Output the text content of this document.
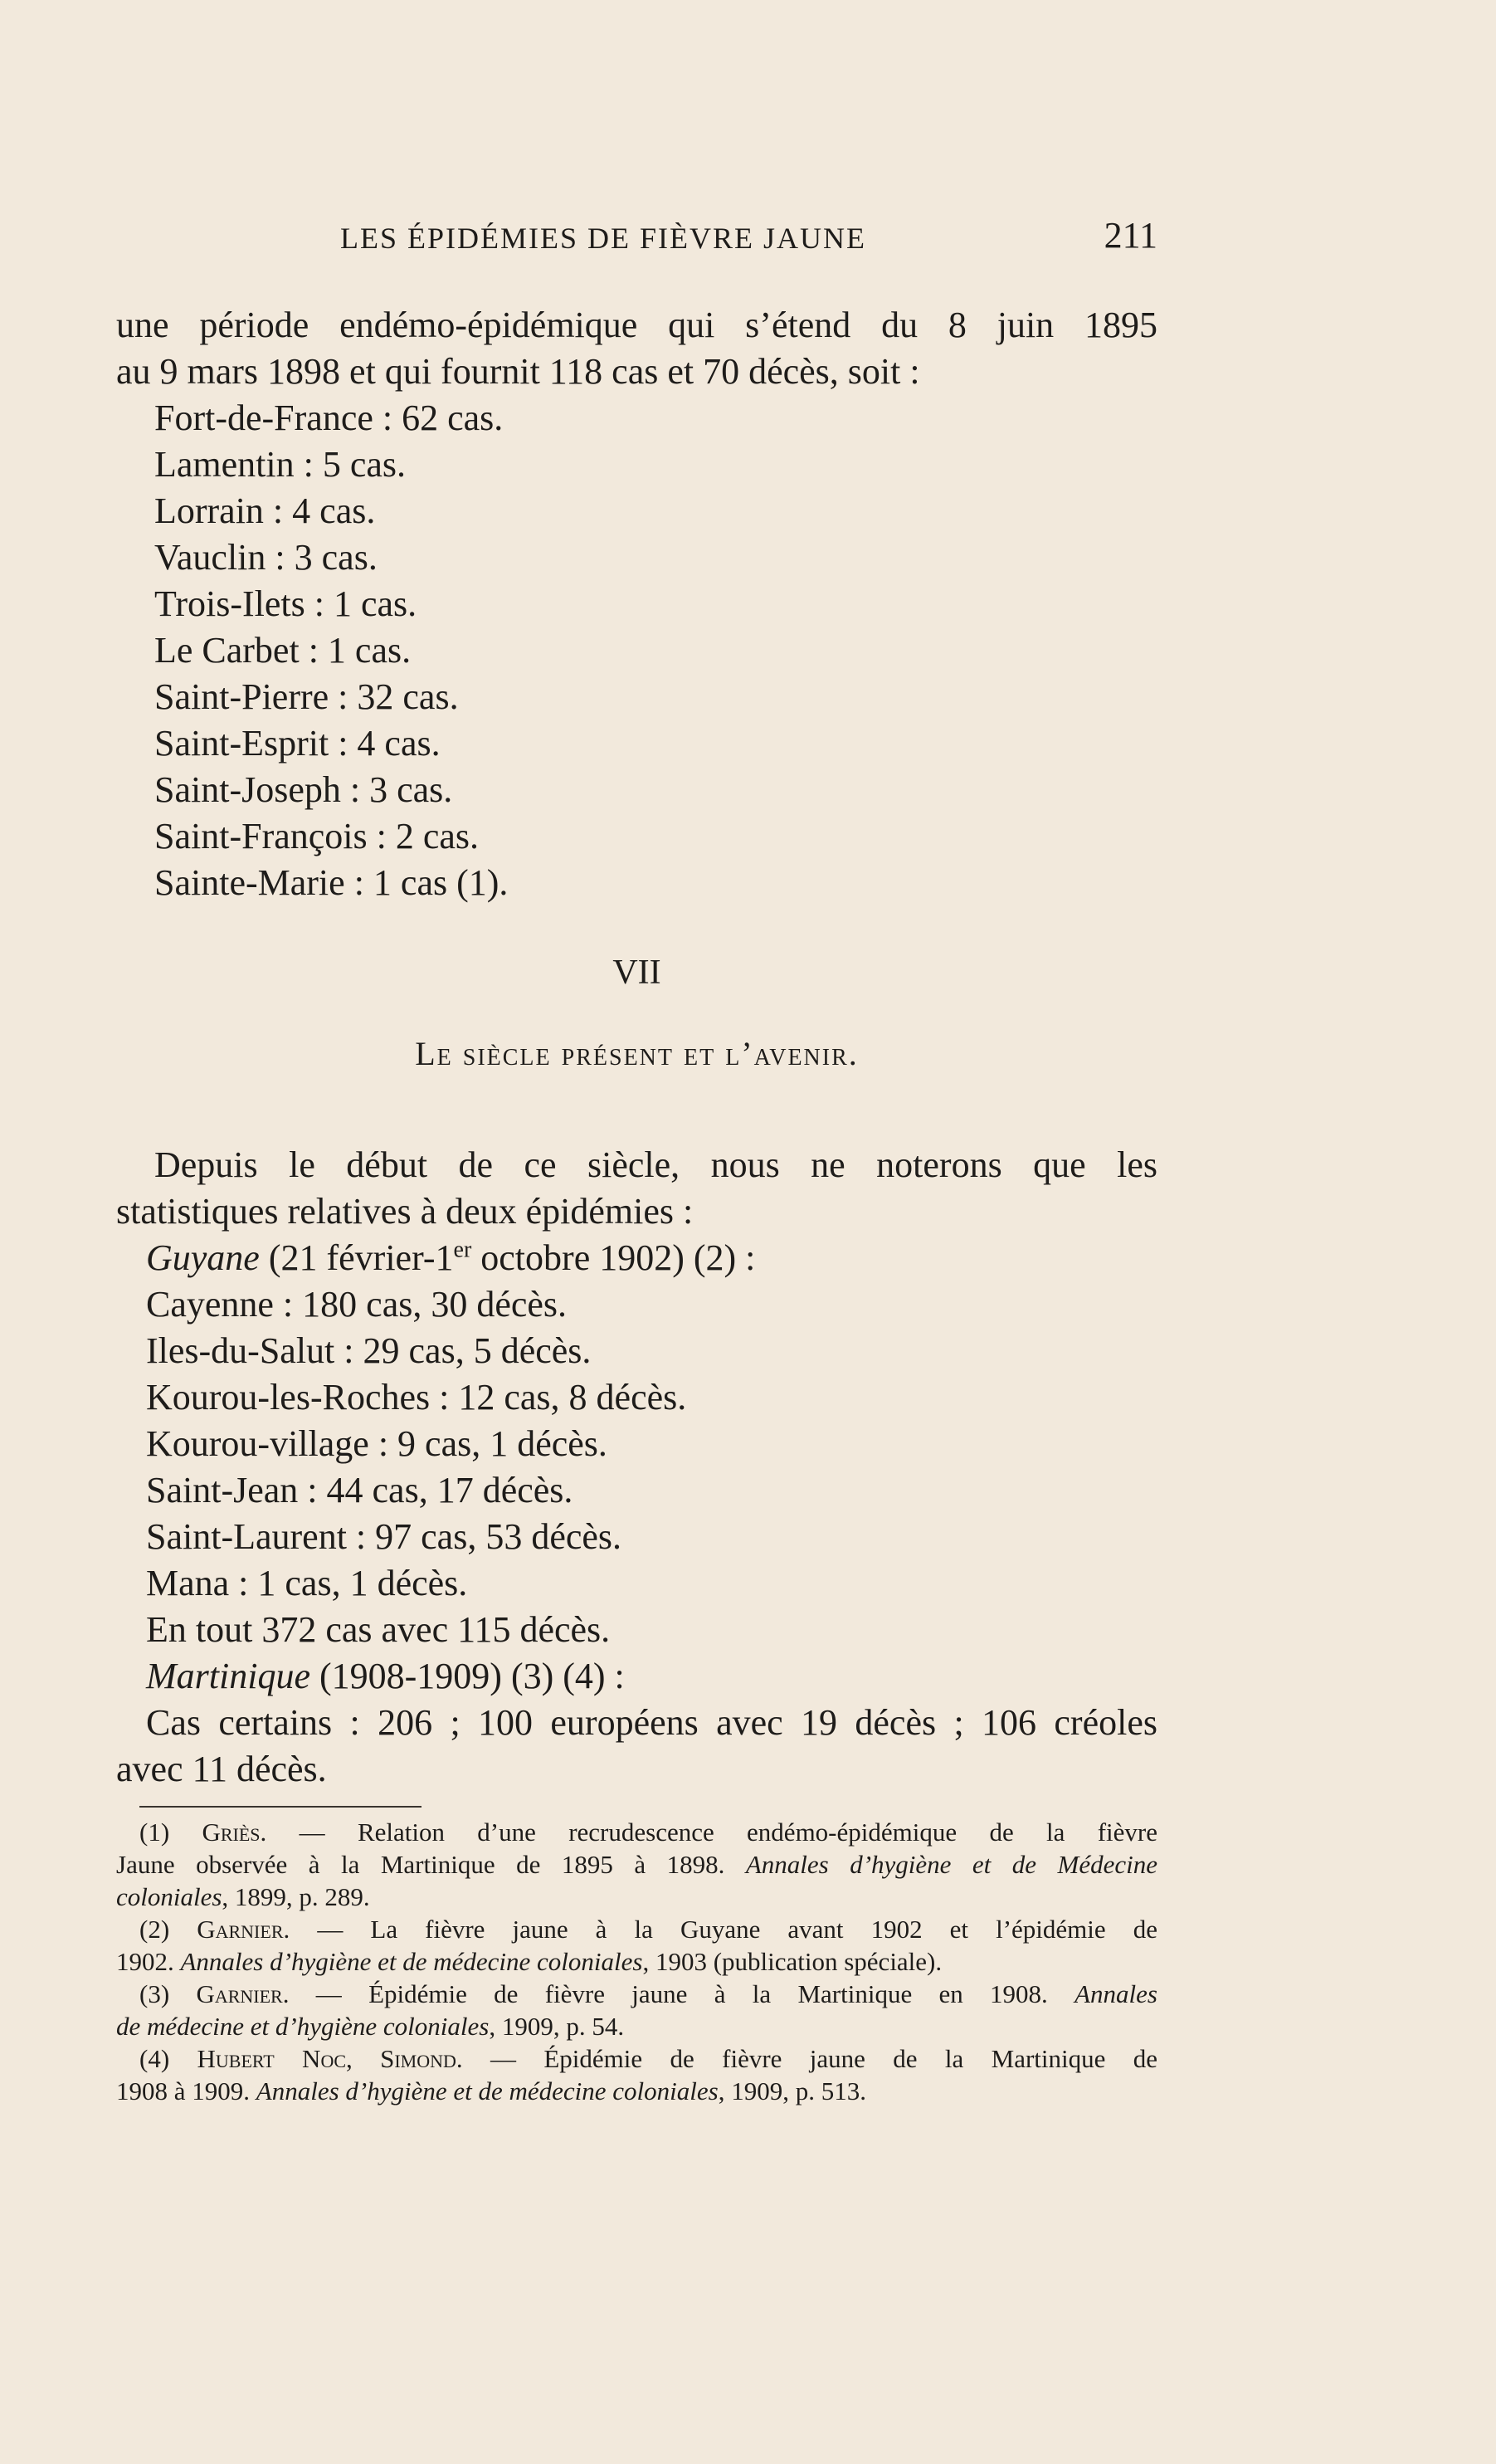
LES ÉPIDÉMIES DE FIÈVRE JAUNE	211
une période endémo-épidémique qui s’étend du 8 juin 1895
au 9 mars 1898 et qui fournit 118 cas et 70 décès, soit :
Fort-de-France : 62 cas.
Lamentin : 5 cas.
Lorrain : 4 cas.
Vauclin : 3 cas.
Trois-Ilets : 1 cas.
Le Carbet : 1 cas.
Saint-Pierre : 32 cas.
Saint-Esprit : 4 cas.
Saint-Joseph : 3 cas.
Saint-François : 2 cas.
Sainte-Marie : 1 cas (1).
VII
Le siècle présent et l’avenir.
Depuis le début de ce siècle, nous ne noterons que les
statistiques relatives à deux épidémies :
Guyane (21 février-1er octobre 1902) (2) :
Cayenne : 180 cas, 30 décès.
Iles-du-Salut : 29 cas, 5 décès.
Kourou-les-Roches : 12 cas, 8 décès.
Kourou-village : 9 cas, 1 décès.
Saint-Jean : 44 cas, 17 décès.
Saint-Laurent : 97 cas, 53 décès.
Mana : 1 cas, 1 décès.
En tout 372 cas avec 115 décès.
Martinique (1908-1909) (3) (4) :
Cas certains : 206 ; 100 européens avec 19 décès ; 106 créoles
avec 11 décès.
(1) Griès. — Relation d’une recrudescence endémo-épidémique de la fièvre
Jaune observée à la Martinique de 1895 à 1898. Annales d’hygiène et de Médecine
coloniales, 1899, p. 289.
(2) Garnier. — La fièvre jaune à la Guyane avant 1902 et l’épidémie de
1902. Annales d’hygiène et de médecine coloniales, 1903 (publication spéciale).
(3) Garnier. — Épidémie de fièvre jaune à la Martinique en 1908. Annales
de médecine et d’hygiène coloniales, 1909, p. 54.
(4) Hubert Noc, Simond. — Épidémie de fièvre jaune de la Martinique de
1908 à 1909. Annales d’hygiène et de médecine coloniales, 1909, p. 513.
